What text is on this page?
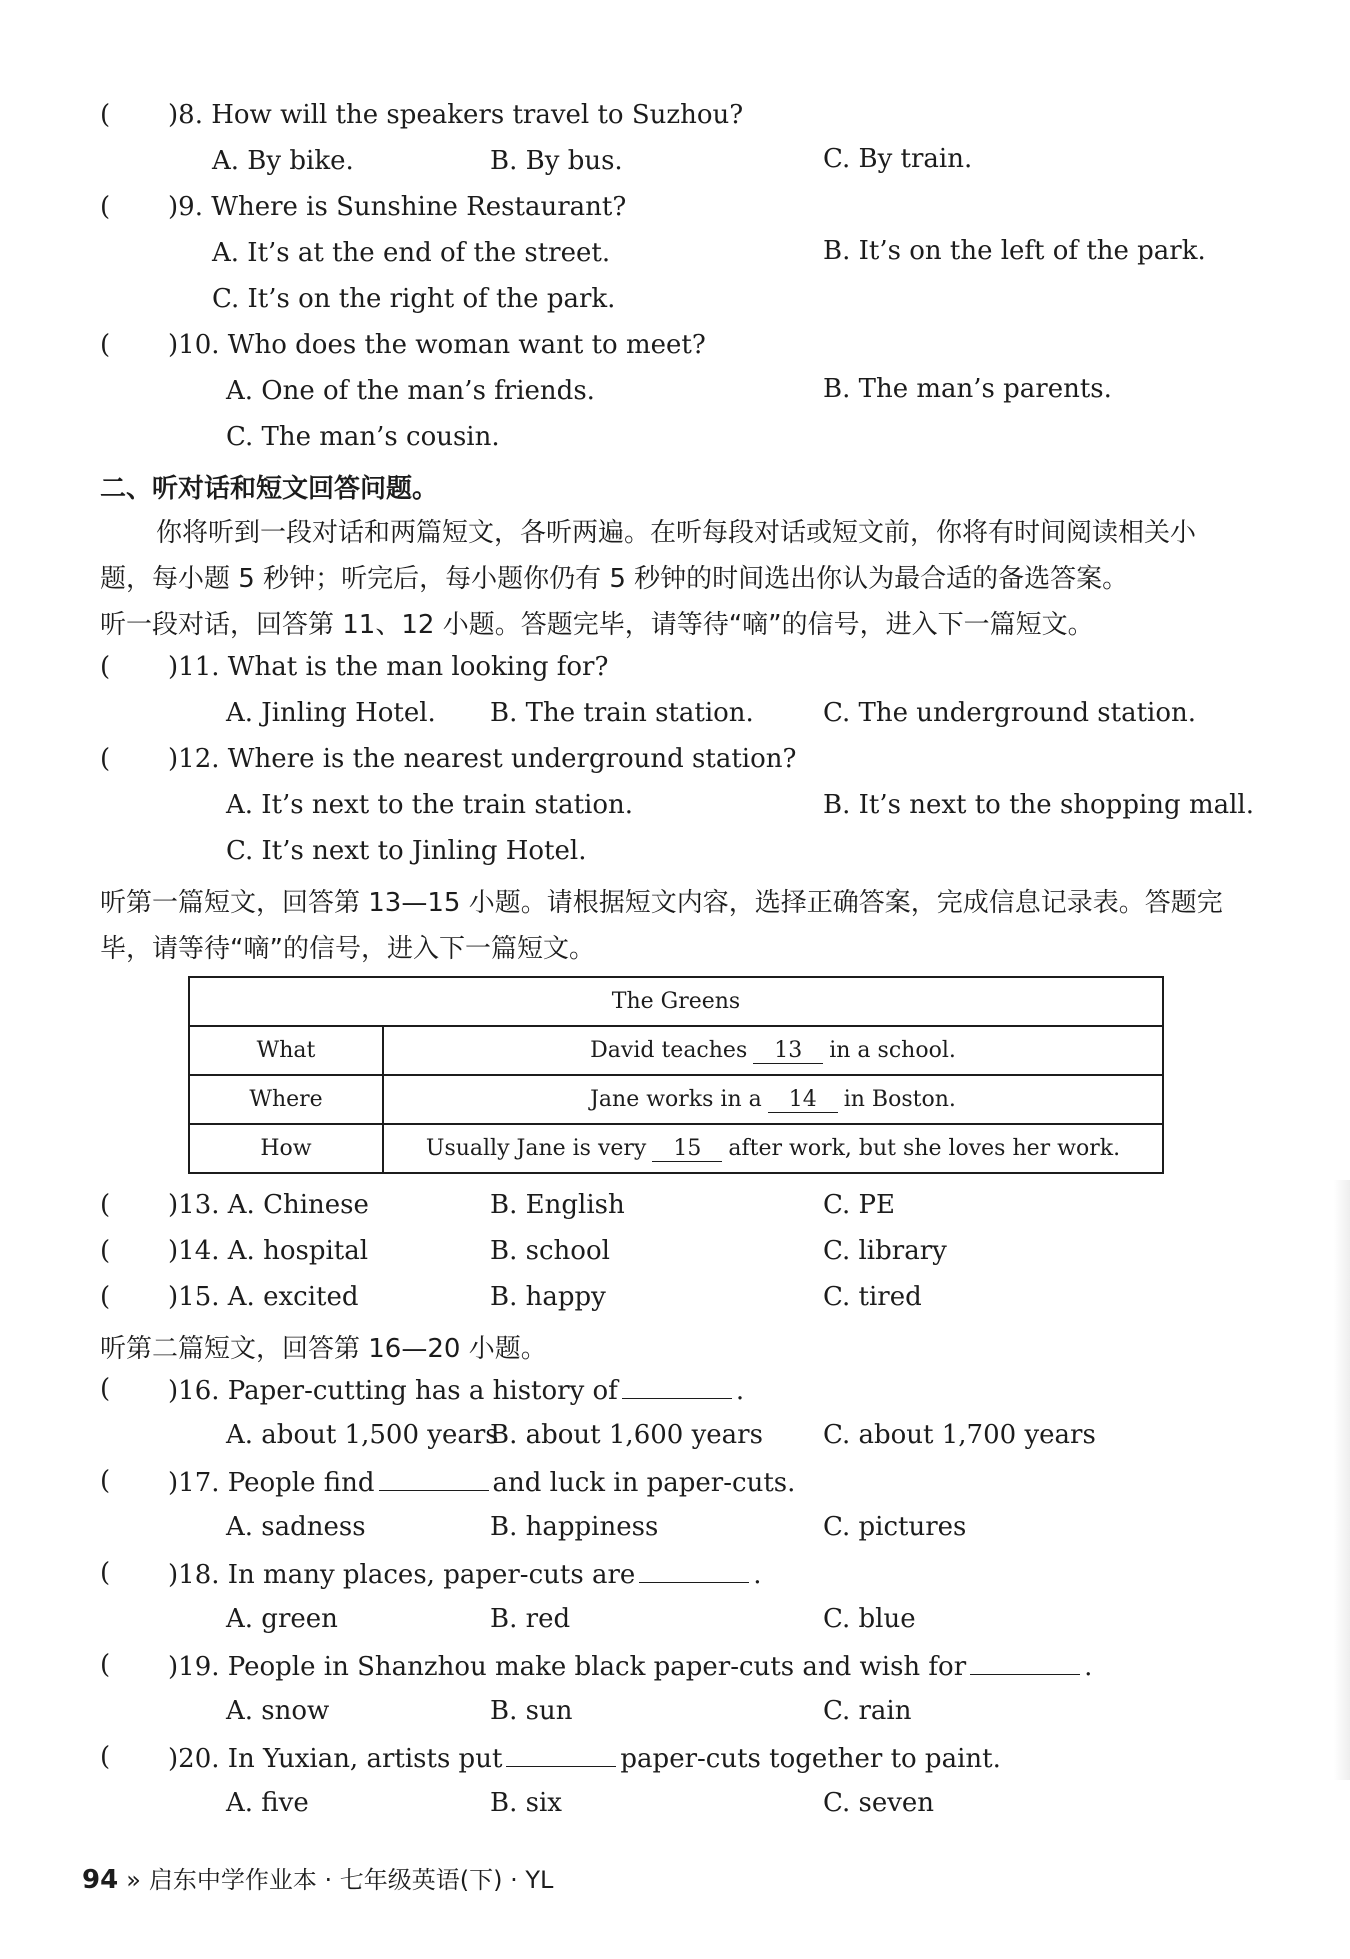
( )8. How will the speakers travel to Suzhou?
A. By bike.	B. By bus.	C. By train.
( )9. Where is Sunshine Restaurant?
A. It’s at the end of the street.	B. It’s on the left of the park.
C. It’s on the right of the park.
( )10. Who does the woman want to meet?
A. One of the man’s friends.	B. The man’s parents.
C. The man’s cousin.
二、听对话和短文回答问题。
你将听到一段对话和两篇短文，各听两遍。在听每段对话或短文前，你将有时间阅读相关小
题，每小题 5 秒钟；听完后，每小题你仍有 5 秒钟的时间选出你认为最合适的备选答案。
听一段对话，回答第 11、12 小题。答题完毕，请等待“嘀”的信号，进入下一篇短文。
( )11. What is the man looking for?
A. Jinling Hotel. B. The train station.	C. The underground station.
( )12. Where is the nearest underground station?
A. It’s next to the train station.	B. It’s next to the shopping mall.
C. It’s next to Jinling Hotel.
听第一篇短文，回答第 13—15 小题。请根据短文内容，选择正确答案，完成信息记录表。答题完
毕，请等待“嘀”的信号，进入下一篇短文。
The Greens	
What	David teaches 13 in a school.
Where	Jane works in a 14 in Boston.
How	Usually Jane is very 15 after work, but she loves her work.
( )13. A. Chinese	B. English	C. PE
( )14. A. hospital	B. school	C. library
( )15. A. excited	B. happy	C. tired
听第二篇短文，回答第 16—20 小题。
( )16. Paper-cutting has a history of	.
A. about 1,500 years
B. about 1,600 years C. about 1,700 years
( )17. People find	and luck in paper-cuts.
A. sadness	B. happiness	C. pictures
( )18. In many places, paper-cuts are	.
A. green	B. red	C. blue
( )19. People in Shanzhou make black paper-cuts and wish for	.
A. snow	B. sun	C. rain
( )20. In Yuxian, artists put	paper-cuts together to paint.
A. five	B. six	C. seven
94 » 启东中学作业本 · 七年级英语(下) · YL
